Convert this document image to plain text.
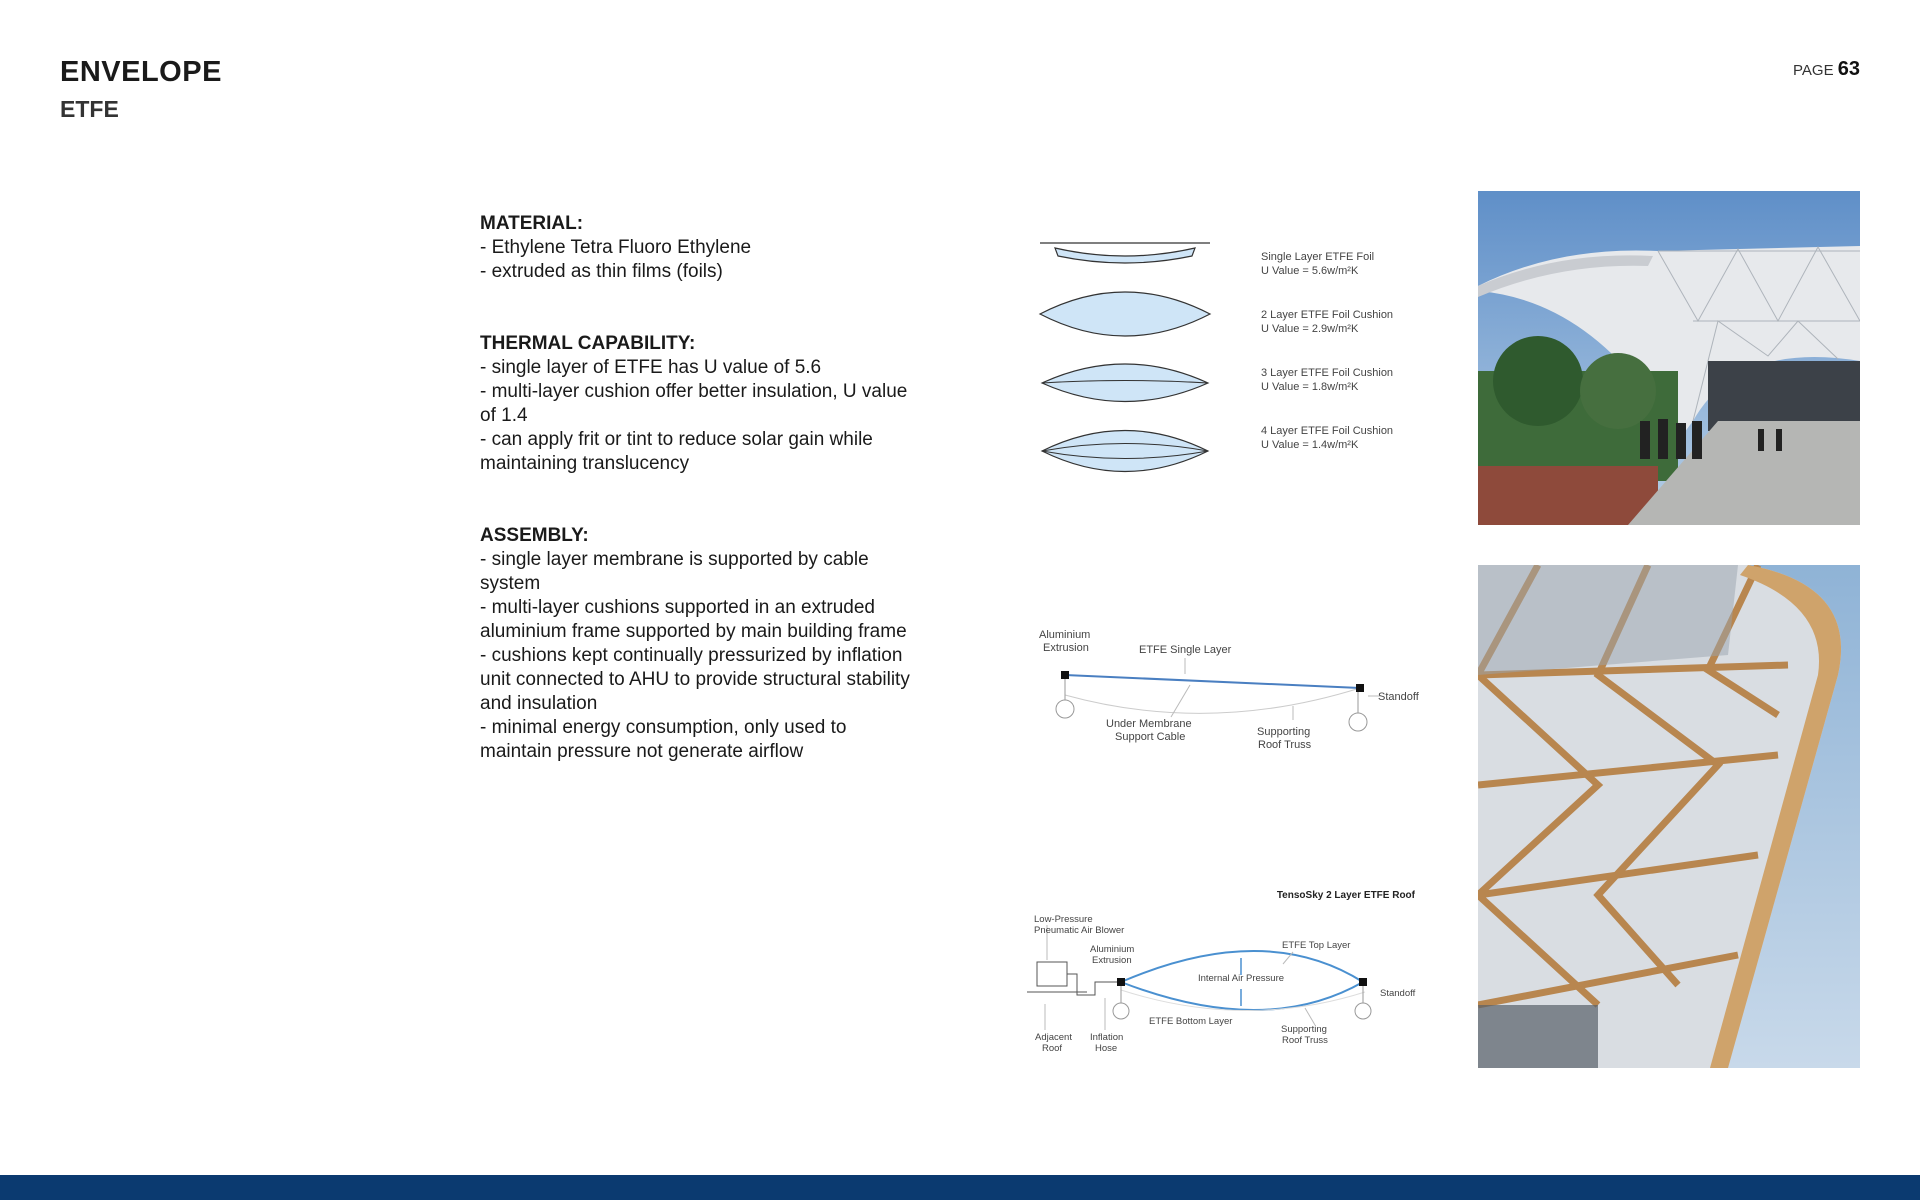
ENVELOPE
ETFE
PAGE 63
MATERIAL:

- Ethylene Tetra Fluoro Ethylene

- extruded as thin films (foils)

THERMAL CAPABILITY:

- single layer of ETFE has U value of 5.6

- multi-layer cushion offer better insulation, U value of 1.4

- can apply frit or tint to reduce solar gain while maintaining translucency

ASSEMBLY:

- single layer membrane is supported by cable system

- multi-layer cushions supported in an extruded aluminium frame supported by main building frame

- cushions kept continually pressurized by inflation unit connected to AHU to provide structural stability and insulation

- minimal energy consumption, only used to maintain pressure not generate airflow

Single Layer ETFE Foil
U Value = 5.6w/m²K
2 Layer ETFE Foil Cushion
U Value = 2.9w/m²K
3 Layer ETFE Foil Cushion
U Value = 1.8w/m²K
4 Layer ETFE Foil Cushion
U Value = 1.4w/m²K
Aluminium
Extrusion	ETFE Single Layer
Standoff
Under Membrane
Support Cable	Supporting
Roof Truss
TensoSky 2 Layer ETFE Roof
Low-Pressure
Pneumatic Air Blower
Aluminium
Extrusion
ETFE Top Layer
Internal Air Pressure
Standoff
ETFE Bottom Layer
Supporting
Roof Truss
Adjacent
Roof
Inflation
Hose
